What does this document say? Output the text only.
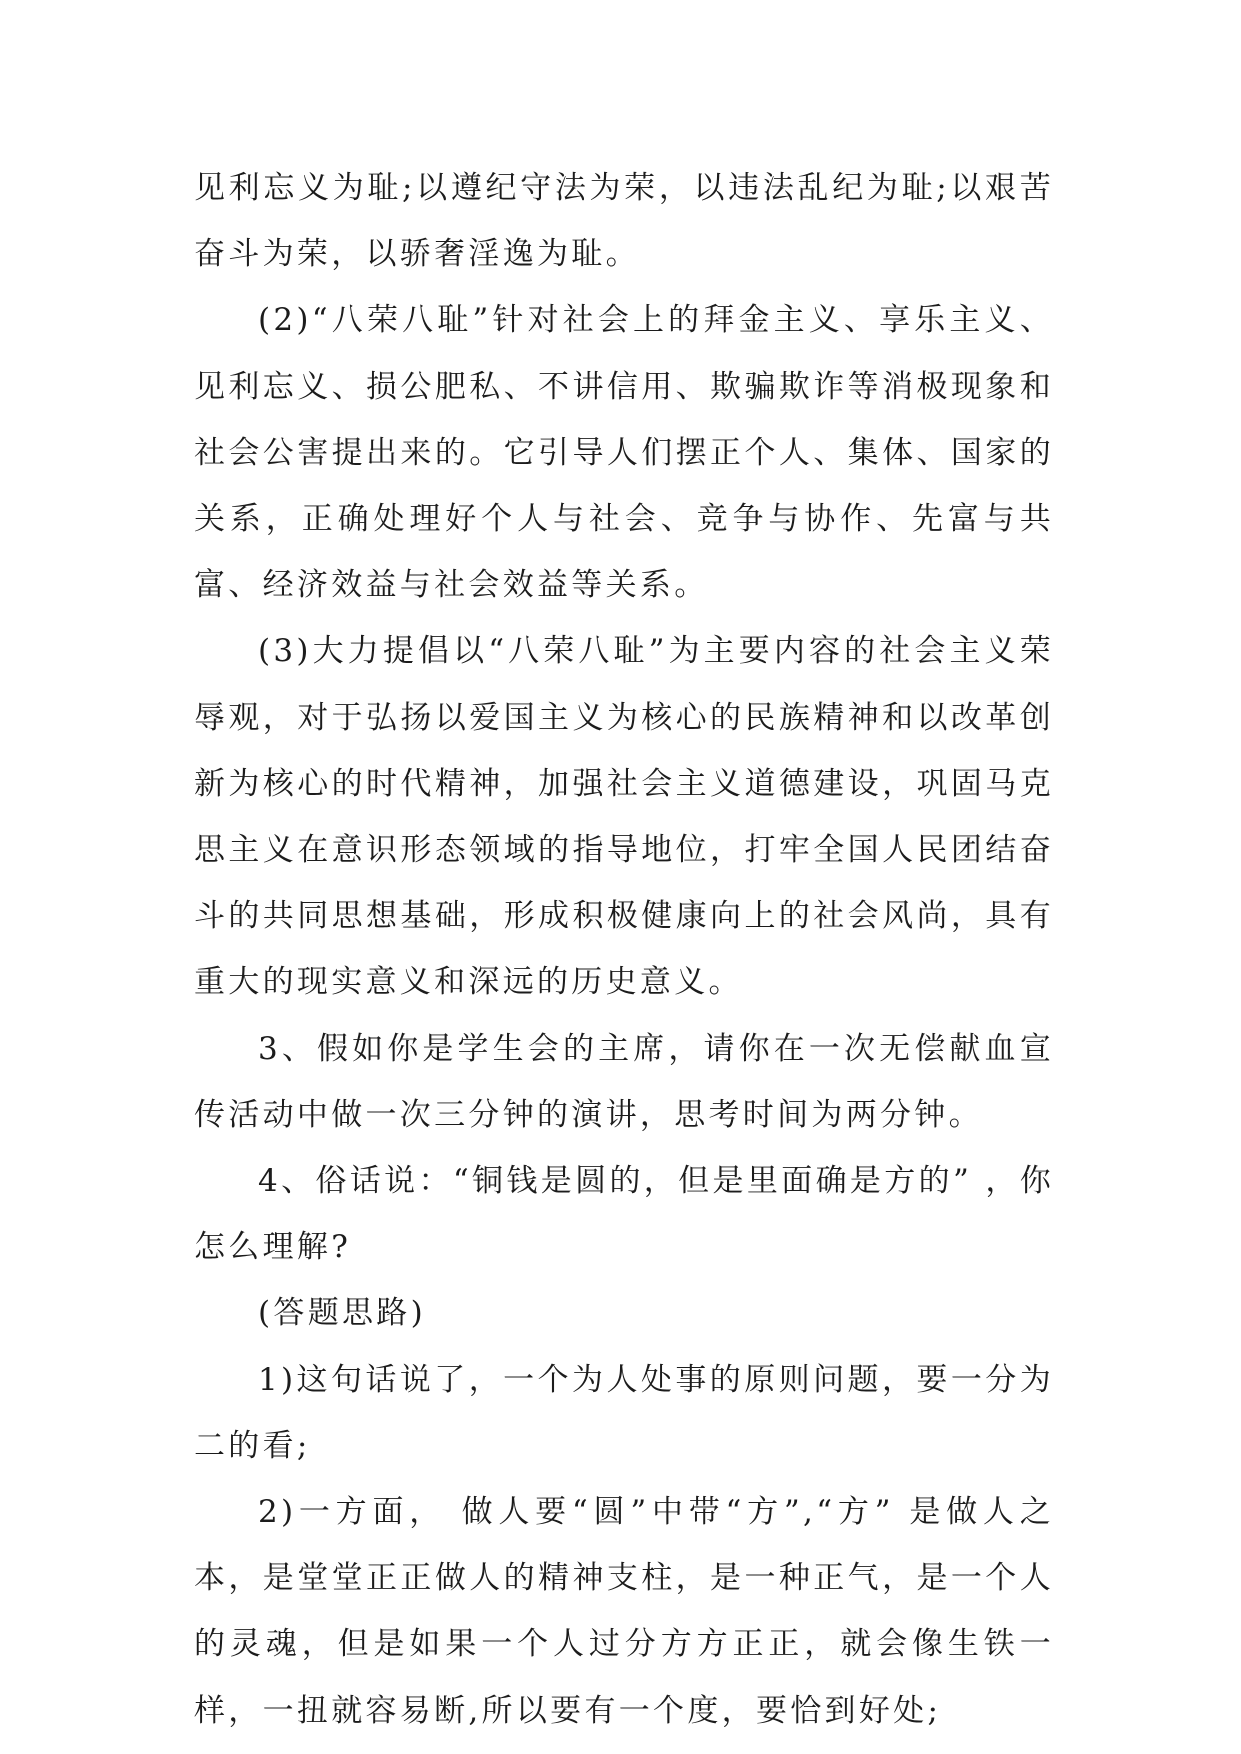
见利忘义为耻;以遵纪守法为荣，以违法乱纪为耻;以艰苦奋斗为荣，以骄奢淫逸为耻。

(2)“八荣八耻”针对社会上的拜金主义、享乐主义、见利忘义、损公肥私、不讲信用、欺骗欺诈等消极现象和社会公害提出来的。它引导人们摆正个人、集体、国家的关系，正确处理好个人与社会、竞争与协作、先富与共富、经济效益与社会效益等关系。

(3)大力提倡以“八荣八耻”为主要内容的社会主义荣辱观，对于弘扬以爱国主义为核心的民族精神和以改革创新为核心的时代精神，加强社会主义道德建设，巩固马克思主义在意识形态领域的指导地位，打牢全国人民团结奋斗的共同思想基础，形成积极健康向上的社会风尚，具有重大的现实意义和深远的历史意义。

3、假如你是学生会的主席，请你在一次无偿献血宣传活动中做一次三分钟的演讲，思考时间为两分钟。

4、俗话说：“铜钱是圆的，但是里面确是方的” ，你怎么理解?

(答题思路)

1)这句话说了，一个为人处事的原则问题，要一分为二的看;

2)一方面， 做人要“圆”中带“方”,“方” 是做人之本，是堂堂正正做人的精神支柱，是一种正气，是一个人的灵魂，但是如果一个人过分方方正正，就会像生铁一样，一扭就容易断,所以要有一个度，要恰到好处;
